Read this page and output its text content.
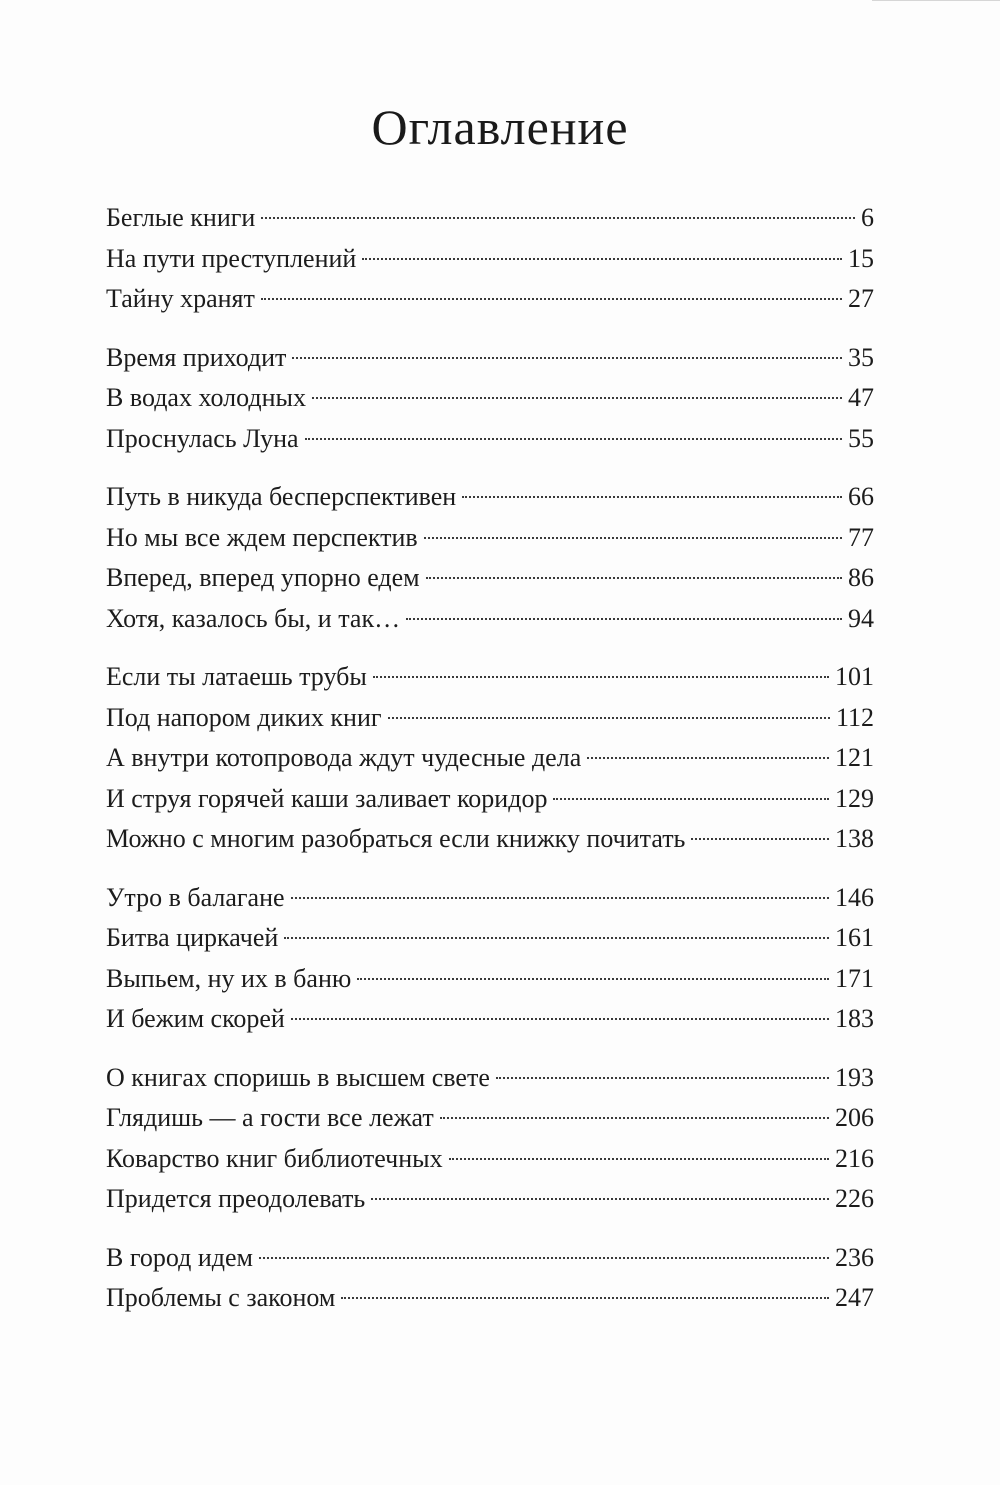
Оглавление
Беглые книги	6
На пути преступлений	15
Тайну хранят	27
Время приходит	35
В водах холодных	47
Проснулась Луна	55
Путь в никуда бесперспективен	66
Но мы все ждем перспектив	77
Вперед, вперед упорно едем	86
Хотя, казалось бы, и так…	94
Если ты латаешь трубы	101
Под напором диких книг	112
А внутри котопровода ждут чудесные дела	121
И струя горячей каши заливает коридор	129
Можно с многим разобраться если книжку почитать	138
Утро в балагане	146
Битва циркачей	161
Выпьем, ну их в баню	171
И бежим скорей	183
О книгах споришь в высшем свете	193
Глядишь — а гости все лежат	206
Коварство книг библиотечных	216
Придется преодолевать	226
В город идем	236
Проблемы с законом	247
